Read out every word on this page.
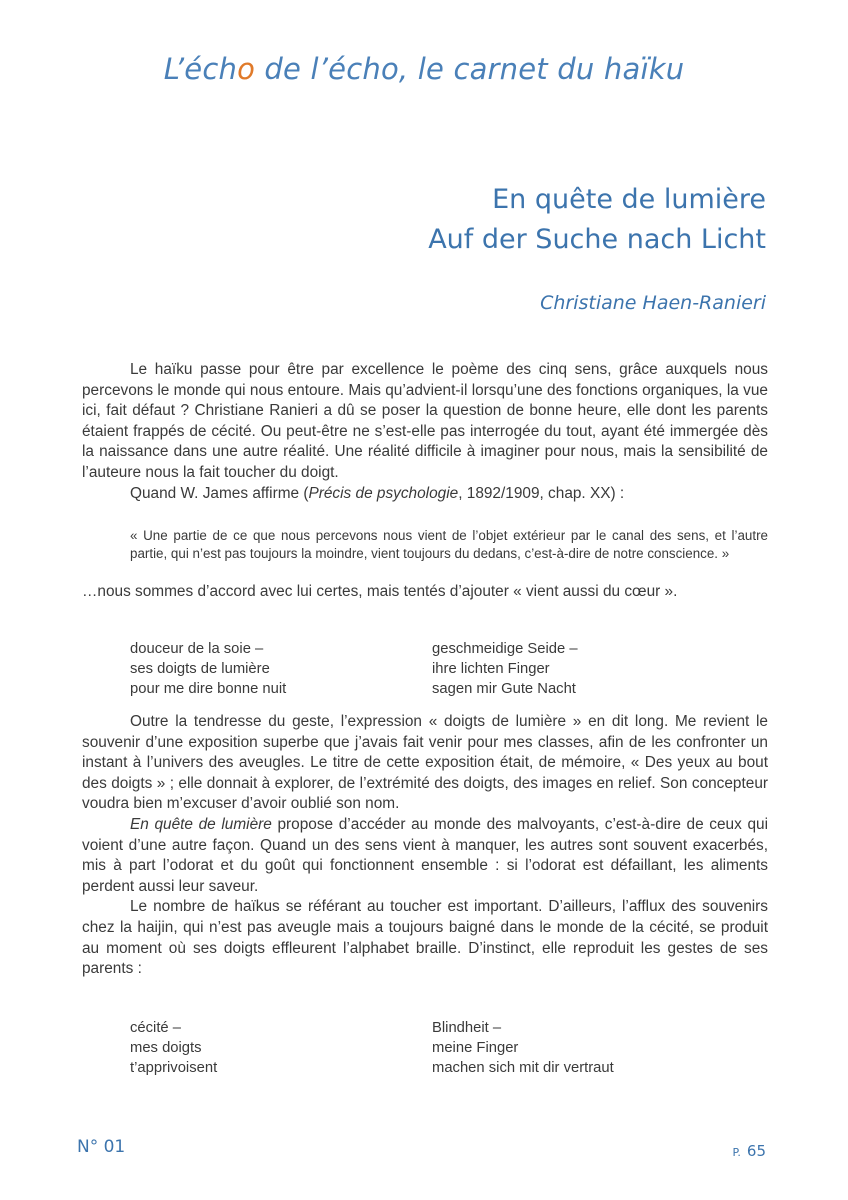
L’écho de l’écho, le carnet du haïku
En quête de lumière
Auf der Suche nach Licht
Christiane Haen-Ranieri

Le haïku passe pour être par excellence le poème des cinq sens, grâce auxquels nous percevons le monde qui nous entoure. Mais qu’advient-il lorsqu’une des fonctions organiques, la vue ici, fait défaut ? Christiane Ranieri a dû se poser la question de bonne heure, elle dont les parents étaient frappés de cécité. Ou peut-être ne s’est-elle pas interrogée du tout, ayant été immergée dès la naissance dans une autre réalité. Une réalité difficile à imaginer pour nous, mais la sensibilité de l’auteure nous la fait toucher du doigt.

Quand W. James affirme (Précis de psychologie, 1892/1909, chap. XX) :

« Une partie de ce que nous percevons nous vient de l’objet extérieur par le canal des sens, et l’autre partie, qui n’est pas toujours la moindre, vient toujours du dedans, c’est-à-dire de notre conscience. »

…nous sommes d’accord avec lui certes, mais tentés d’ajouter « vient aussi du cœur ».

douceur de la soie –
ses doigts de lumière
pour me dire bonne nuit
geschmeidige Seide –
ihre lichten Finger
sagen mir Gute Nacht

Outre la tendresse du geste, l’expression « doigts de lumière » en dit long. Me revient le souvenir d’une exposition superbe que j’avais fait venir pour mes classes, afin de les confronter un instant à l’univers des aveugles. Le titre de cette exposition était, de mémoire, « Des yeux au bout des doigts » ; elle donnait à explorer, de l’extrémité des doigts, des images en relief. Son concepteur voudra bien m’excuser d’avoir oublié son nom.

En quête de lumière propose d’accéder au monde des malvoyants, c’est-à-dire de ceux qui voient d’une autre façon. Quand un des sens vient à manquer, les autres sont souvent exacerbés, mis à part l’odorat et du goût qui fonctionnent ensemble : si l’odorat est défaillant, les aliments perdent aussi leur saveur.

Le nombre de haïkus se référant au toucher est important. D’ailleurs, l’afflux des souvenirs chez la haijin, qui n’est pas aveugle mais a toujours baigné dans le monde de la cécité, se produit au moment où ses doigts effleurent l’alphabet braille. D’instinct, elle reproduit les gestes de ses parents :

cécité –
mes doigts
t’apprivoisent
Blindheit –
meine Finger
machen sich mit dir vertraut
N° 01	P. 65
